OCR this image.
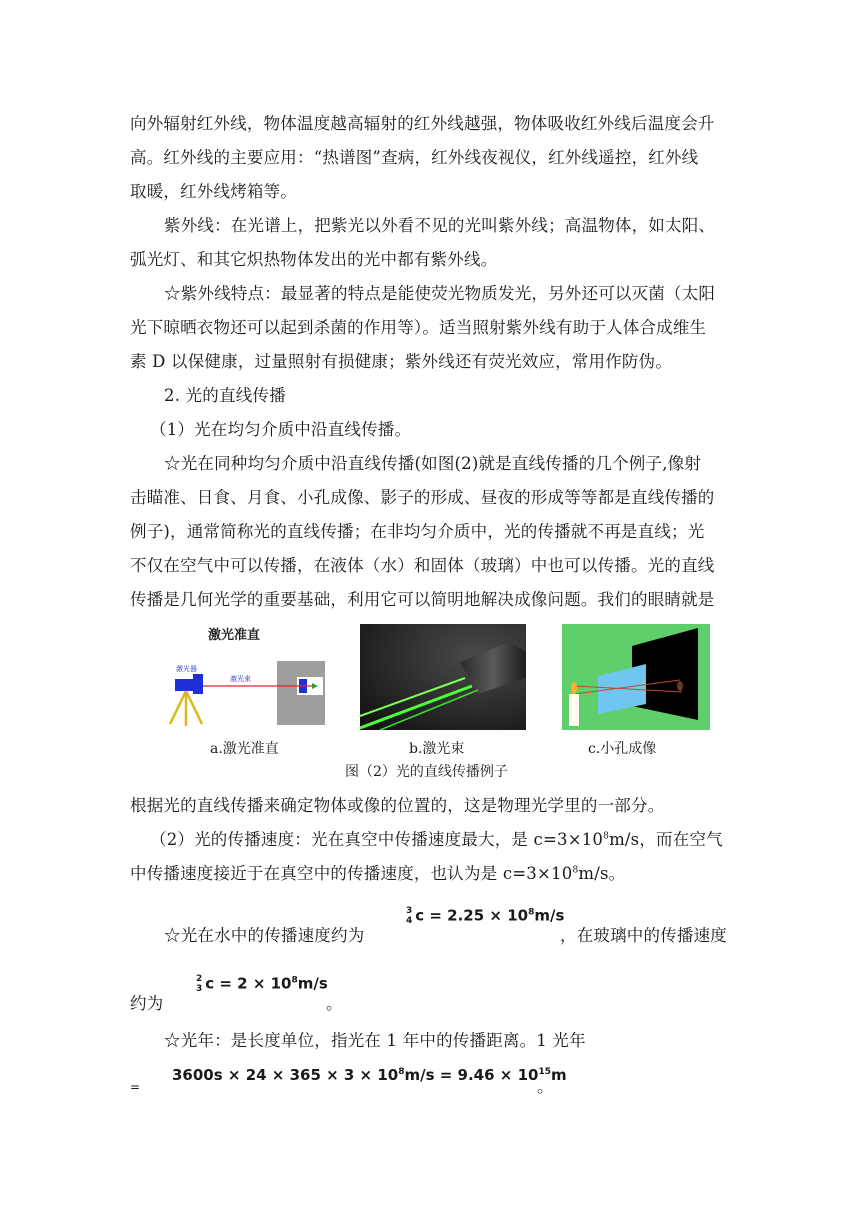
向外辐射红外线，物体温度越高辐射的红外线越强，物体吸收红外线后温度会升
高。红外线的主要应用：“热谱图”查病，红外线夜视仪，红外线遥控，红外线
取暖，红外线烤箱等。
紫外线：在光谱上，把紫光以外看不见的光叫紫外线；高温物体，如太阳、
弧光灯、和其它炽热物体发出的光中都有紫外线。
☆紫外线特点：最显著的特点是能使荧光物质发光，另外还可以灭菌（太阳
光下晾晒衣物还可以起到杀菌的作用等）。适当照射紫外线有助于人体合成维生
素 D 以保健康，过量照射有损健康；紫外线还有荧光效应，常用作防伪。
2. 光的直线传播
（1）光在均匀介质中沿直线传播。
☆光在同种均匀介质中沿直线传播(如图(2)就是直线传播的几个例子,像射
击瞄准、日食、月食、小孔成像、影子的形成、昼夜的形成等等都是直线传播的
例子)，通常简称光的直线传播；在非均匀介质中，光的传播就不再是直线；光
不仅在空气中可以传播，在液体（水）和固体（玻璃）中也可以传播。光的直线
传播是几何光学的重要基础，利用它可以简明地解决成像问题。我们的眼睛就是
激光准直
激光器
激光束
a.激光准直	b.激光束	c.小孔成像
图（2）光的直线传播例子
根据光的直线传播来确定物体或像的位置的，这是物理光学里的一部分。
（2）光的传播速度：光在真空中传播速度最大，是 $c=3\times 10^8m/s$，而在空气
中传播速度接近于在真空中的传播速度，也认为是 $c=3\times 10^8m/s$。
☆光在水中的传播速度约为
3
4 $c = 2.25 \times 10^8m/s$
，在玻璃中的传播速度
约为
2
3 $c = 2 \times 10^8m/s$
。
☆光年：是长度单位，指光在 1 年中的传播距离。1 光年
=
$3600s \times 24 \times 365 \times 3 \times 10^8m/s = 9.46 \times 10^{15}m$
。
